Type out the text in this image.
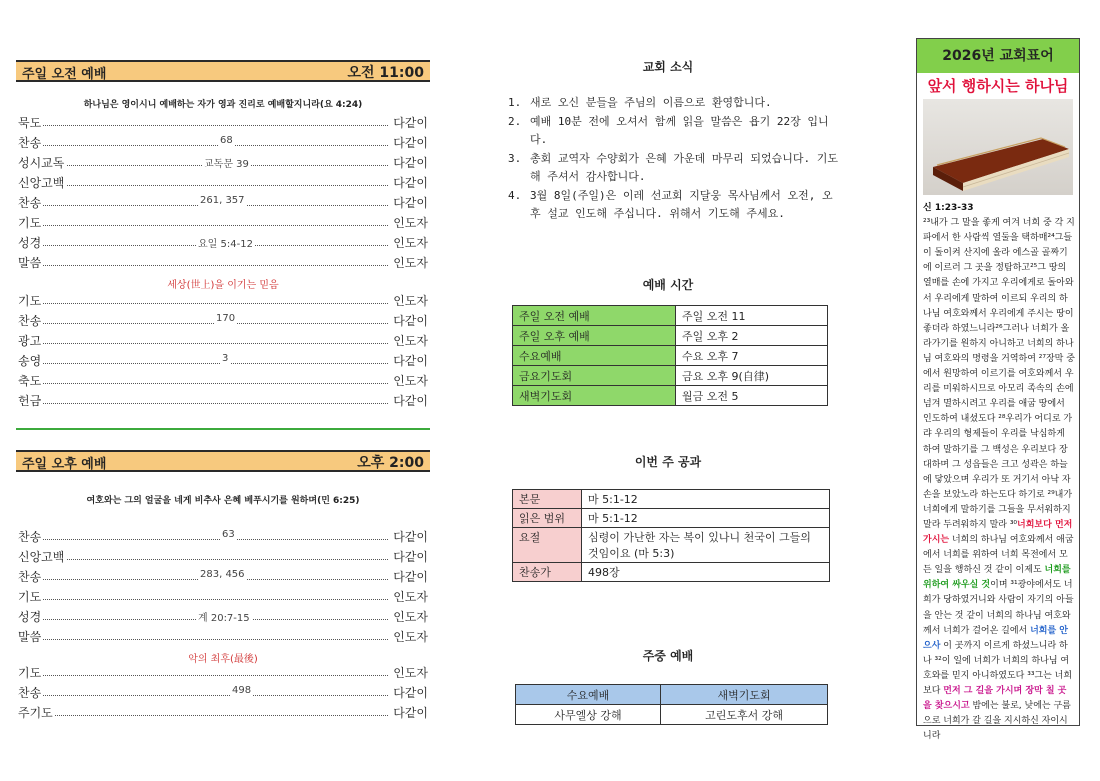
주일 오전 예배	오전 11:00
하나님은 영이시니 예배하는 자가 영과 진리로 예배할지니라(요 4:24)
묵도	다같이
찬송	68	다같이
성시교독	교독문 39	다같이
신앙고백	다같이
찬송	261, 357	다같이
기도	인도자
성경	요일 5:4-12	인도자
말씀	인도자
세상(世上)을 이기는 믿음
기도	인도자
찬송	170	다같이
광고	인도자
송영	3	다같이
축도	인도자
헌금	다같이
주일 오후 예배	오후 2:00
여호와는 그의 얼굴을 네게 비추사 은혜 베푸시기를 원하며(민 6:25)
찬송	63	다같이
신앙고백	다같이
찬송	283, 456	다같이
기도	인도자
성경	계 20:7-15	인도자
말씀	인도자
악의 최후(最後)
기도	인도자
찬송	498	다같이
주기도	다같이
교회 소식
1. 새로 오신 분들을 주님의 이름으로 환영합니다.
2. 예배 10분 전에 오셔서 함께 읽을 말씀은 욥기 22장 입니다.
3. 총회 교역자 수양회가 은혜 가운데 마무리 되었습니다. 기도해 주셔서 감사합니다.
4. 3월 8일(주일)은 이레 선교회 지달웅 목사님께서 오전, 오후 설교 인도해 주십니다. 위해서 기도해 주세요.
예배 시간
주일 오전 예배	주일 오전 11
주일 오후 예배	주일 오후 2
수요예배	수요 오후 7
금요기도회	금요 오후 9(自律)
새벽기도회	월금 오전 5
이번 주 공과
본문	마 5:1-12
읽은 범위	마 5:1-12
요절	심령이 가난한 자는 복이 있나니 천국이 그들의 것임이요 (마 5:3)
찬송가	498장
주중 예배
수요예배	새벽기도회
사무엘상 강해	고린도후서 강해
2026년 교회표어
앞서 행하시는 하나님
신 1:23-33
²³내가 그 말을 좋게 여겨 너희 중 각 지파에서 한 사람씩 열둘을 택하매²⁴그들이 돌이켜 산지에 올라 에스골 골짜기에 이르러 그 곳을 정탐하고²⁵그 땅의 열매를 손에 가지고 우리에게로 돌아와서 우리에게 말하여 이르되 우리의 하나님 여호와께서 우리에게 주시는 땅이 좋더라 하였느니라²⁶그러나 너희가 올라가기를 원하지 아니하고 너희의 하나님 여호와의 명령을 거역하여 ²⁷장막 중에서 원망하여 이르기를 여호와께서 우리를 미워하시므로 아모리 족속의 손에 넘겨 멸하시려고 우리를 애굽 땅에서 인도하여 내셨도다 ²⁸우리가 어디로 가랴 우리의 형제들이 우리를 낙심하게 하여 말하기를 그 백성은 우리보다 장대하며 그 성읍들은 크고 성곽은 하늘에 닿았으며 우리가 또 거기서 아낙 자손을 보았노라 하는도다 하기로 ²⁹내가 너희에게 말하기를 그들을 무서워하지 말라 두려워하지 말라 ³⁰너희보다 먼저 가시는 너희의 하나님 여호와께서 애굽에서 너희를 위하여 너희 목전에서 모든 일을 행하신 것 같이 이제도 너희를 위하여 싸우실 것이며 ³¹광야에서도 너희가 당하였거니와 사람이 자기의 아들을 안는 것 같이 너희의 하나님 여호와께서 너희가 걸어온 길에서 너희를 안으사 이 곳까지 이르게 하셨느니라 하나 ³²이 일에 너희가 너희의 하나님 여호와를 믿지 아니하였도다 ³³그는 너희보다 먼저 그 길을 가시며 장막 칠 곳을 찾으시고 밤에는 불로, 낮에는 구름으로 너희가 갈 길을 지시하신 자이시니라
